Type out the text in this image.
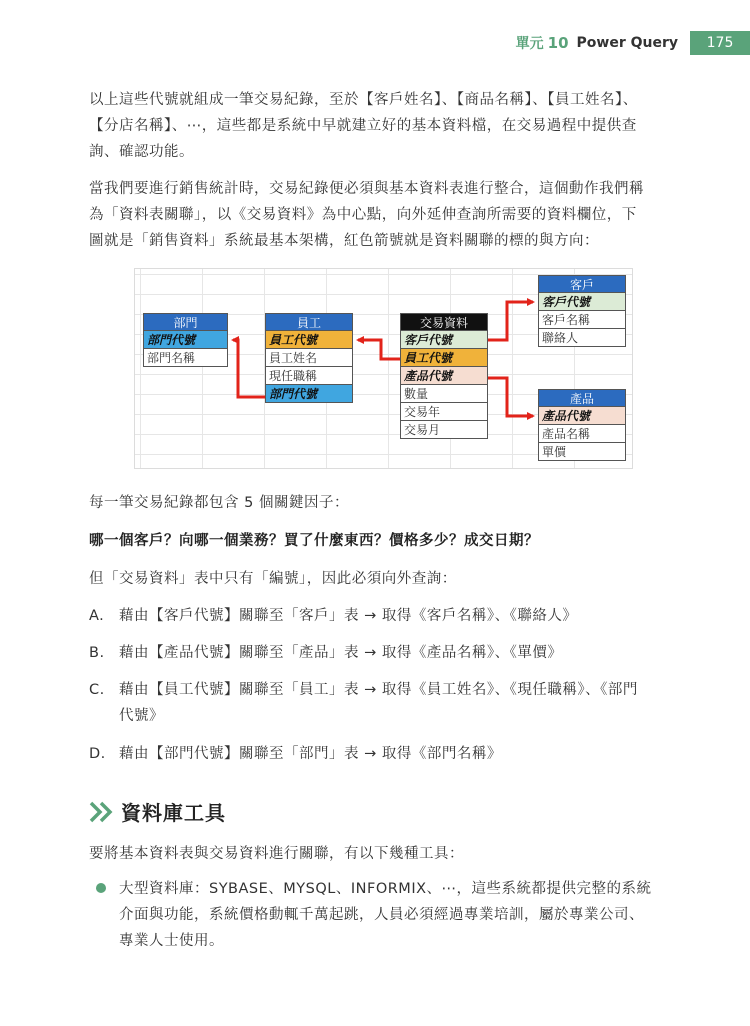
單元 10 Power Query	175

以上這些代號就組成一筆交易紀錄，至於【客戶姓名】、【商品名稱】、【員工姓名】、

【分店名稱】、⋯，這些都是系統中早就建立好的基本資料檔，在交易過程中提供查

詢、確認功能。

當我們要進行銷售統計時，交易紀錄便必須與基本資料表進行整合，這個動作我們稱

為「資料表關聯」，以《交易資料》為中心點，向外延伸查詢所需要的資料欄位，下

圖就是「銷售資料」系統最基本架構，紅色箭號就是資料關聯的標的與方向：

部門
部門代號
部門名稱
員工
員工代號
員工姓名
現任職稱
部門代號
交易資料
客戶代號
員工代號
產品代號
數量
交易年
交易月
客戶
客戶代號
客戶名稱
聯絡人
產品
產品代號
產品名稱
單價

每一筆交易紀錄都包含 5 個關鍵因子：

哪一個客戶？向哪一個業務？買了什麼東西？價格多少？成交日期？

但「交易資料」表中只有「編號」，因此必須向外查詢：

A. 藉由【客戶代號】關聯至「客戶」表 → 取得《客戶名稱》、《聯絡人》

B. 藉由【產品代號】關聯至「產品」表 → 取得《產品名稱》、《單價》

C. 藉由【員工代號】關聯至「員工」表 → 取得《員工姓名》、《現任職稱》、《部門

代號》

D. 藉由【部門代號】關聯至「部門」表 → 取得《部門名稱》

資料庫工具

要將基本資料表與交易資料進行關聯，有以下幾種工具：

大型資料庫：SYBASE、MYSQL、INFORMIX、⋯，這些系統都提供完整的系統

介面與功能，系統價格動輒千萬起跳，人員必須經過專業培訓，屬於專業公司、

專業人士使用。
